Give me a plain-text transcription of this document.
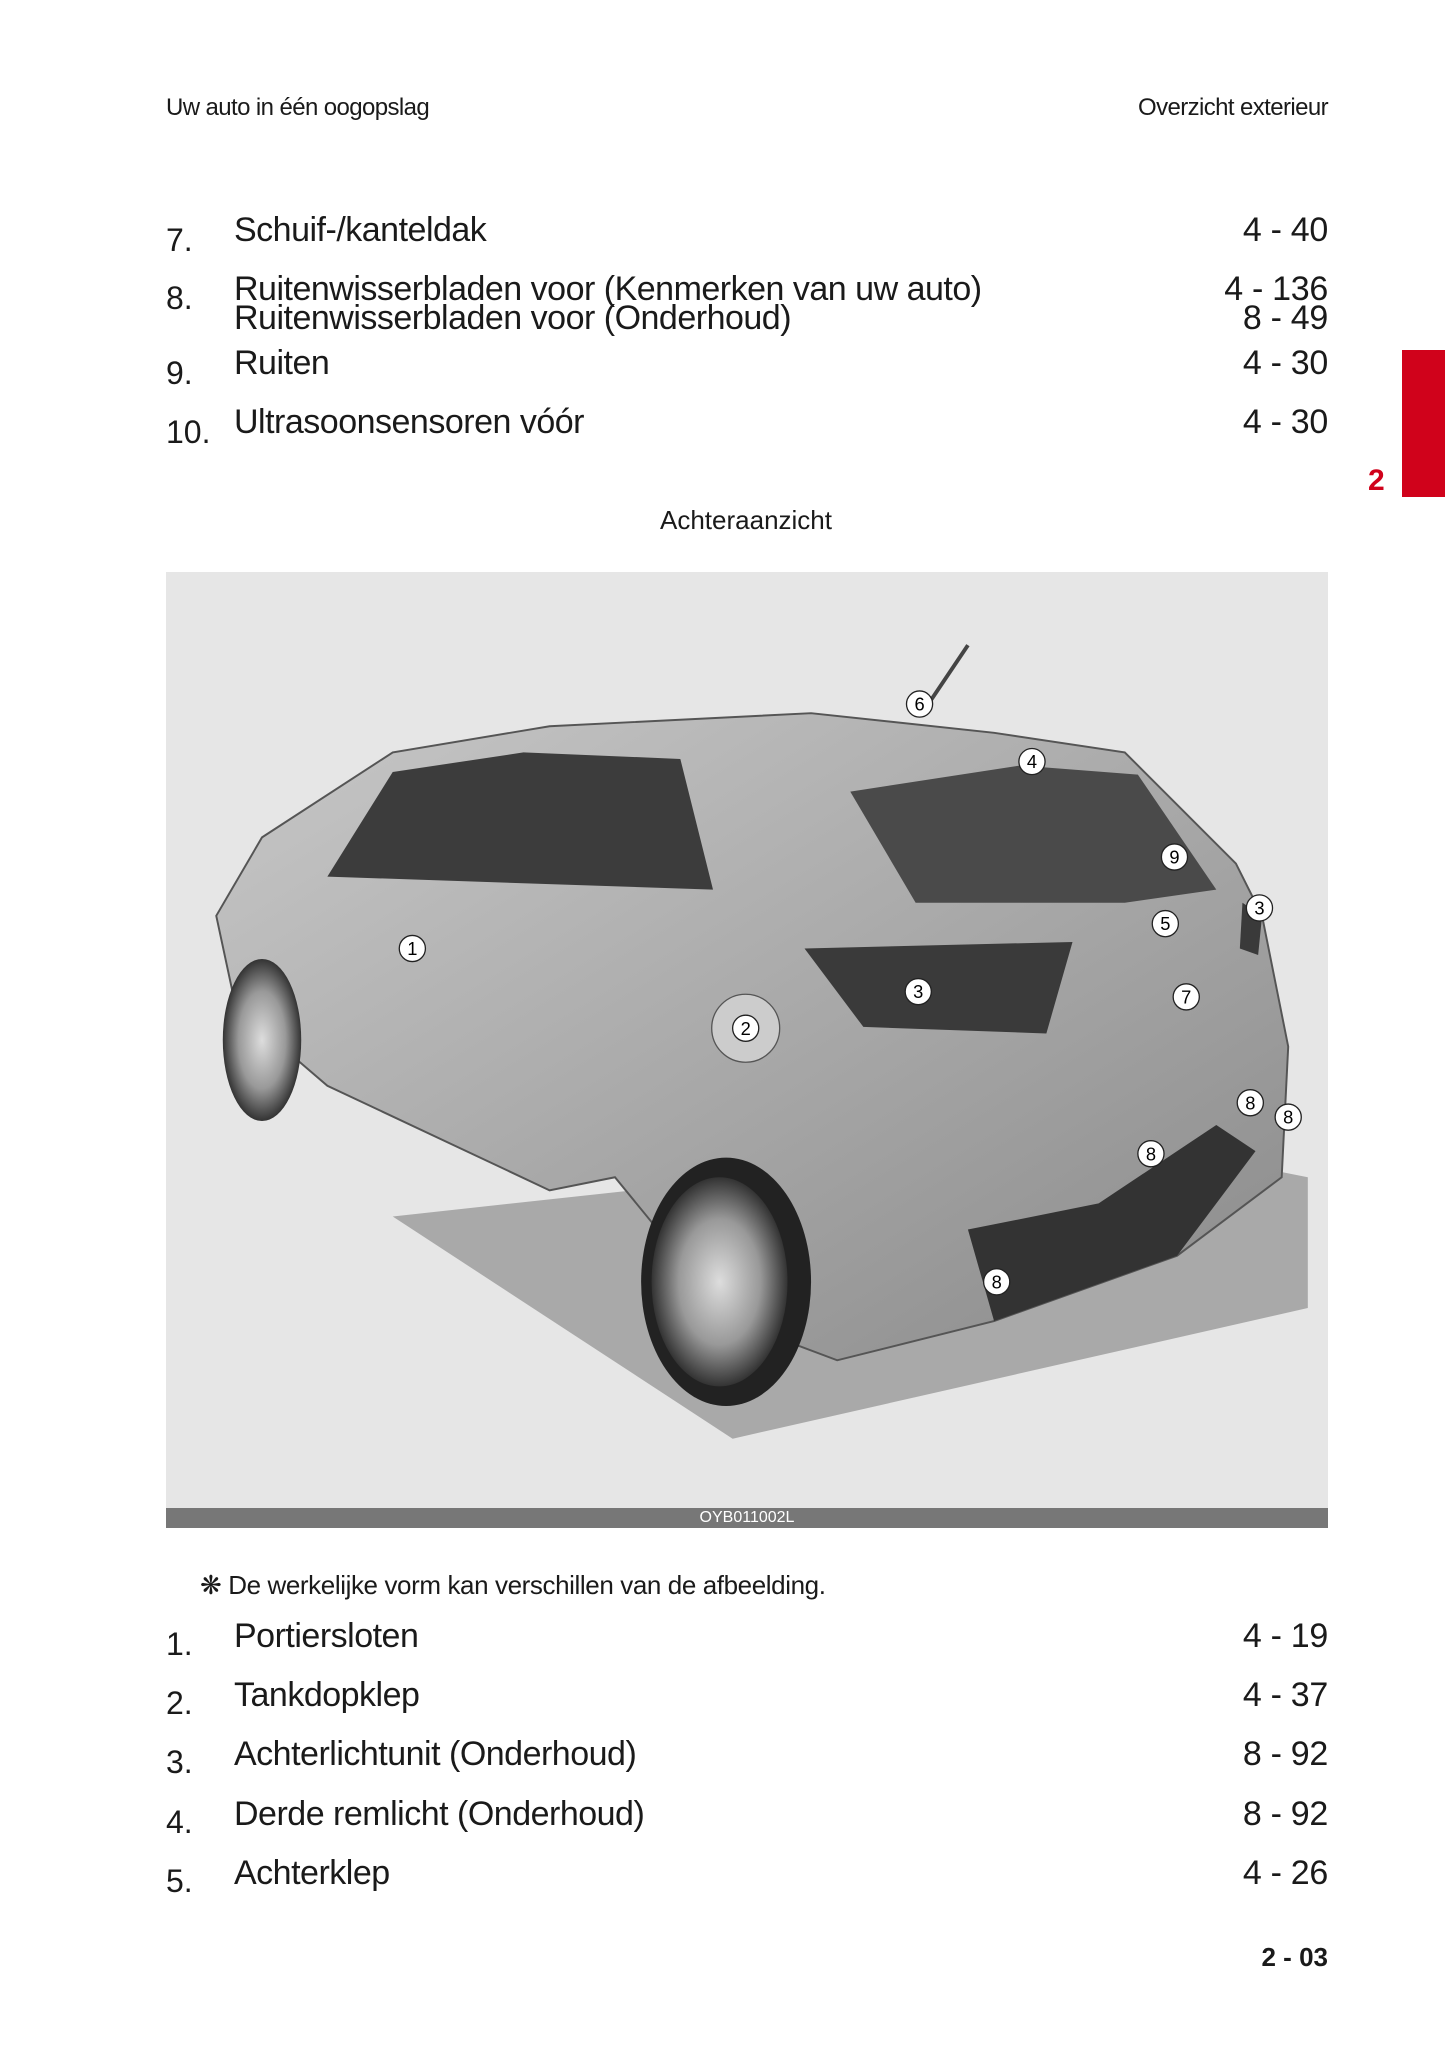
Uw auto in één oogopslag	Overzicht exterieur
2
7. Schuif-/kanteldak	4 - 40
8. Ruitenwisserbladen voor (Kenmerken van uw auto)	4 - 136
Ruitenwisserbladen voor (Onderhoud)	8 - 49
9. Ruiten	4 - 30
10. Ultrasoonsensoren vóór	4 - 30
Achteraanzicht
6
4
9
3
5
1
3	7
2
8
8
8
8
OYB011002L
❋ De werkelijke vorm kan verschillen van de afbeelding.
1. Portiersloten	4 - 19
2. Tankdopklep	4 - 37
3. Achterlichtunit (Onderhoud)	8 - 92
4. Derde remlicht (Onderhoud)	8 - 92
5. Achterklep	4 - 26
2 - 03
